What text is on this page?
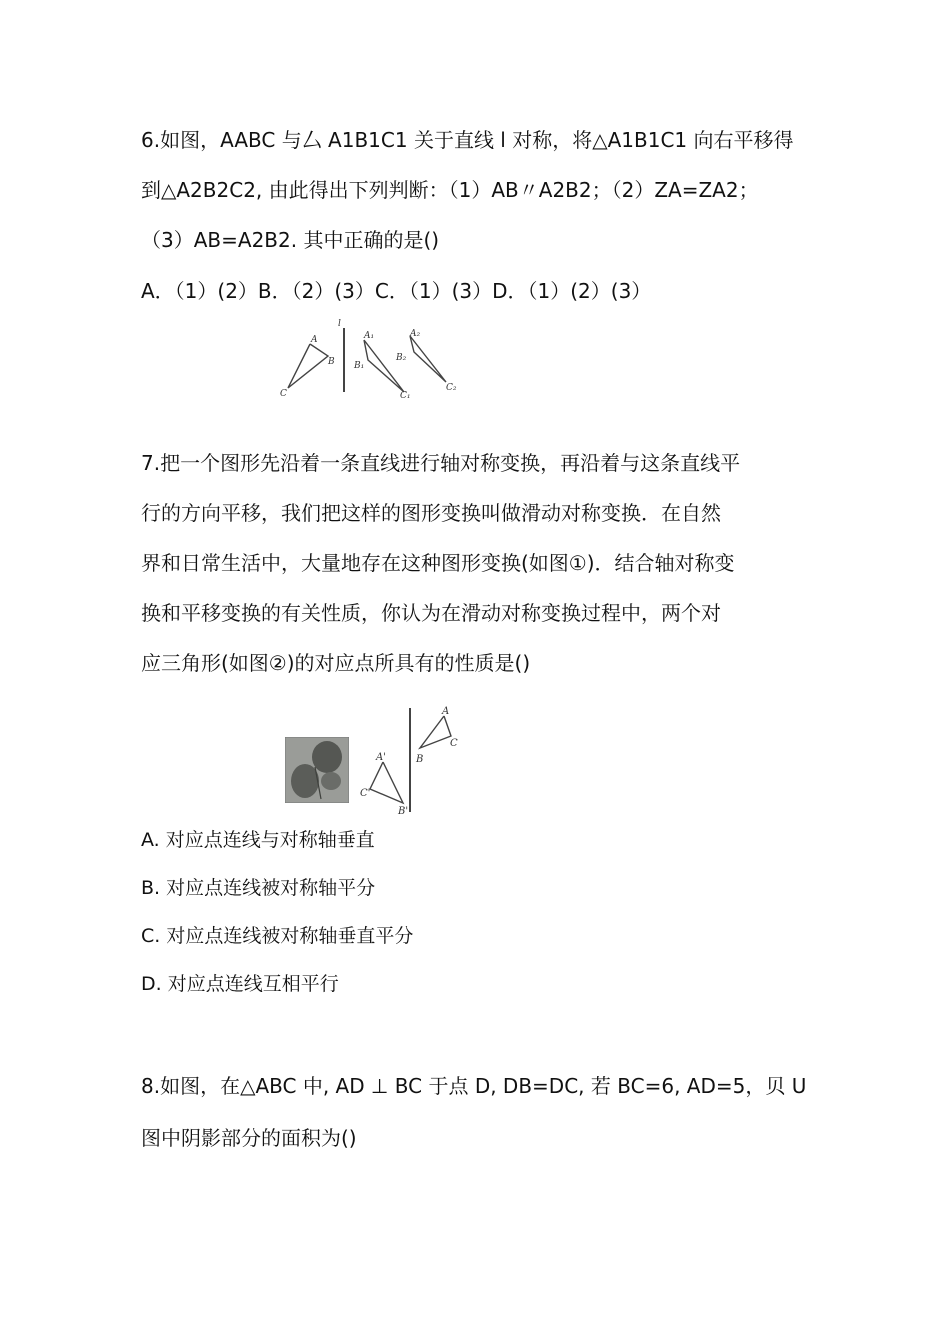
6.如图，AABC 与厶 A1B1C1 关于直线 l 对称，将△A1B1C1 向右平移得
到△A2B2C2, 由此得出下列判断：（1）AB〃A2B2；（2）ZA=ZA2；
（3）AB=A2B2. 其中正确的是()
A．（1）(2）B．（2）(3）C．（1）(3）D．（1）(2）(3）
l
A
B
C
A₁
B₁
C₁
A₂
B₂
C₂
7.把一个图形先沿着一条直线进行轴对称变换，再沿着与这条直线平
行的方向平移，我们把这样的图形变换叫做滑动对称变换．在自然
界和日常生活中，大量地存在这种图形变换(如图①)．结合轴对称变
换和平移变换的有关性质，你认为在滑动对称变换过程中，两个对
应三角形(如图②)的对应点所具有的性质是()
A
B
C
A'
B'
C'
A. 对应点连线与对称轴垂直
B. 对应点连线被对称轴平分
C. 对应点连线被对称轴垂直平分
D. 对应点连线互相平行
8.如图，在△ABC 中, AD ⊥ BC 于点 D, DB=DC, 若 BC=6, AD=5，贝 U
图中阴影部分的面积为()
